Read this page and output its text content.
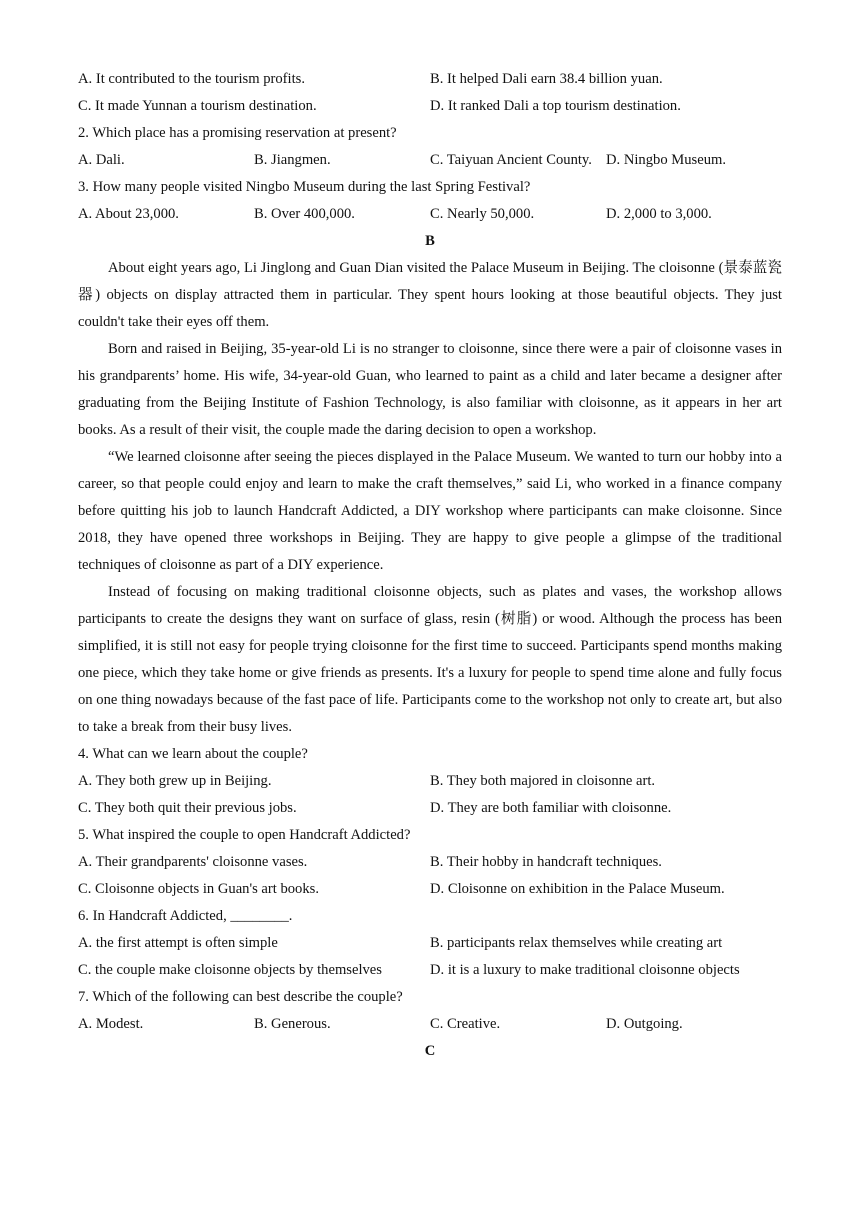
A. It contributed to the tourism profits.	B. It helped Dali earn 38.4 billion yuan.
C. It made Yunnan a tourism destination.	D. It ranked Dali a top tourism destination.
2. Which place has a promising reservation at present?
A. Dali.	B. Jiangmen.	C. Taiyuan Ancient County. D. Ningbo Museum.
3. How many people visited Ningbo Museum during the last Spring Festival?
A. About 23,000.	B. Over 400,000.	C. Nearly 50,000.	D. 2,000 to 3,000.
B

About eight years ago, Li Jinglong and Guan Dian visited the Palace Museum in Beijing. The cloisonne (景泰蓝瓷器) objects on display attracted them in particular. They spent hours looking at those beautiful objects. They just couldn't take their eyes off them.

Born and raised in Beijing, 35-year-old Li is no stranger to cloisonne, since there were a pair of cloisonne vases in his grandparents’ home. His wife, 34-year-old Guan, who learned to paint as a child and later became a designer after graduating from the Beijing Institute of Fashion Technology, is also familiar with cloisonne, as it appears in her art books. As a result of their visit, the couple made the daring decision to open a workshop.

“We learned cloisonne after seeing the pieces displayed in the Palace Museum. We wanted to turn our hobby into a career, so that people could enjoy and learn to make the craft themselves,” said Li, who worked in a finance company before quitting his job to launch Handcraft Addicted, a DIY workshop where participants can make cloisonne. Since 2018, they have opened three workshops in Beijing. They are happy to give people a glimpse of the traditional techniques of cloisonne as part of a DIY experience.

Instead of focusing on making traditional cloisonne objects, such as plates and vases, the workshop allows participants to create the designs they want on surface of glass, resin (树脂) or wood. Although the process has been simplified, it is still not easy for people trying cloisonne for the first time to succeed. Participants spend months making one piece, which they take home or give friends as presents. It's a luxury for people to spend time alone and fully focus on one thing nowadays because of the fast pace of life. Participants come to the workshop not only to create art, but also to take a break from their busy lives.

4. What can we learn about the couple?
A. They both grew up in Beijing.	B. They both majored in cloisonne art.
C. They both quit their previous jobs.	D. They are both familiar with cloisonne.
5. What inspired the couple to open Handcraft Addicted?
A. Their grandparents' cloisonne vases.	B. Their hobby in handcraft techniques.
C. Cloisonne objects in Guan's art books.	D. Cloisonne on exhibition in the Palace Museum.
6. In Handcraft Addicted, ________.
A. the first attempt is often simple	B. participants relax themselves while creating art
C. the couple make cloisonne objects by themselves	D. it is a luxury to make traditional cloisonne objects
7. Which of the following can best describe the couple?
A. Modest.	B. Generous.	C. Creative.	D. Outgoing.
C
